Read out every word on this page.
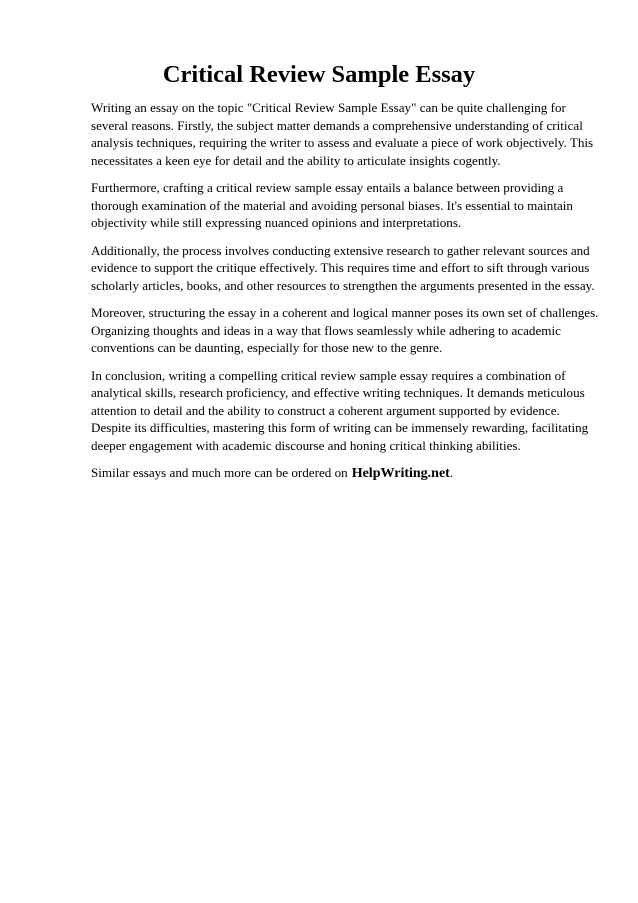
Critical Review Sample Essay

Writing an essay on the topic "Critical Review Sample Essay" can be quite challenging for
several reasons. Firstly, the subject matter demands a comprehensive understanding of critical
analysis techniques, requiring the writer to assess and evaluate a piece of work objectively. This
necessitates a keen eye for detail and the ability to articulate insights cogently.

Furthermore, crafting a critical review sample essay entails a balance between providing a
thorough examination of the material and avoiding personal biases. It's essential to maintain
objectivity while still expressing nuanced opinions and interpretations.

Additionally, the process involves conducting extensive research to gather relevant sources and
evidence to support the critique effectively. This requires time and effort to sift through various
scholarly articles, books, and other resources to strengthen the arguments presented in the essay.

Moreover, structuring the essay in a coherent and logical manner poses its own set of challenges.
Organizing thoughts and ideas in a way that flows seamlessly while adhering to academic
conventions can be daunting, especially for those new to the genre.

In conclusion, writing a compelling critical review sample essay requires a combination of
analytical skills, research proficiency, and effective writing techniques. It demands meticulous
attention to detail and the ability to construct a coherent argument supported by evidence.
Despite its difficulties, mastering this form of writing can be immensely rewarding, facilitating
deeper engagement with academic discourse and honing critical thinking abilities.

Similar essays and much more can be ordered on HelpWriting.net.
